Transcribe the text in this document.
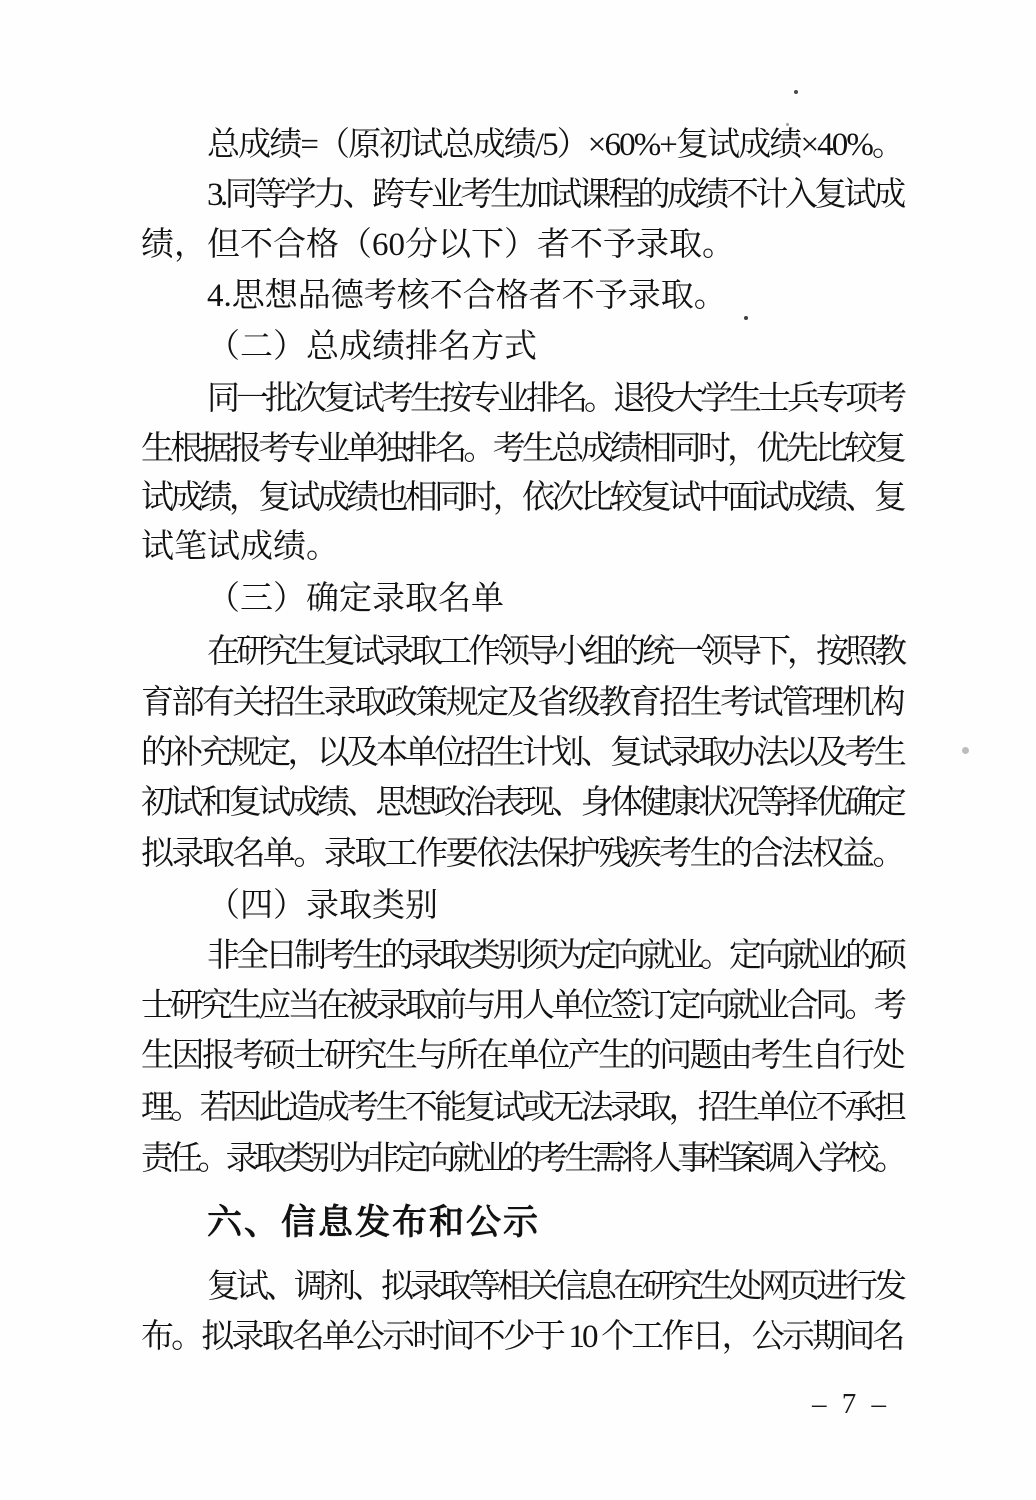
总成绩=（原初试总成绩/5）×60%+复试成绩×40%。
3.同等学力、跨专业考生加试课程的成绩不计入复试成
绩，但不合格（60分以下）者不予录取。
4.思想品德考核不合格者不予录取。
（二）总成绩排名方式
同一批次复试考生按专业排名。退役大学生士兵专项考
生根据报考专业单独排名。考生总成绩相同时，优先比较复
试成绩，复试成绩也相同时，依次比较复试中面试成绩、复
试笔试成绩。
（三）确定录取名单
在研究生复试录取工作领导小组的统一领导下，按照教
育部有关招生录取政策规定及省级教育招生考试管理机构
的补充规定，以及本单位招生计划、复试录取办法以及考生
初试和复试成绩、思想政治表现、身体健康状况等择优确定
拟录取名单。录取工作要依法保护残疾考生的合法权益。
（四）录取类别
非全日制考生的录取类别须为定向就业。定向就业的硕
士研究生应当在被录取前与用人单位签订定向就业合同。考
生因报考硕士研究生与所在单位产生的问题由考生自行处
理。若因此造成考生不能复试或无法录取，招生单位不承担
责任。录取类别为非定向就业的考生需将人事档案调入学校。
六、信息发布和公示
复试、调剂、拟录取等相关信息在研究生处网页进行发
布。拟录取名单公示时间不少于 10 个工作日，公示期间名
– 7 –
